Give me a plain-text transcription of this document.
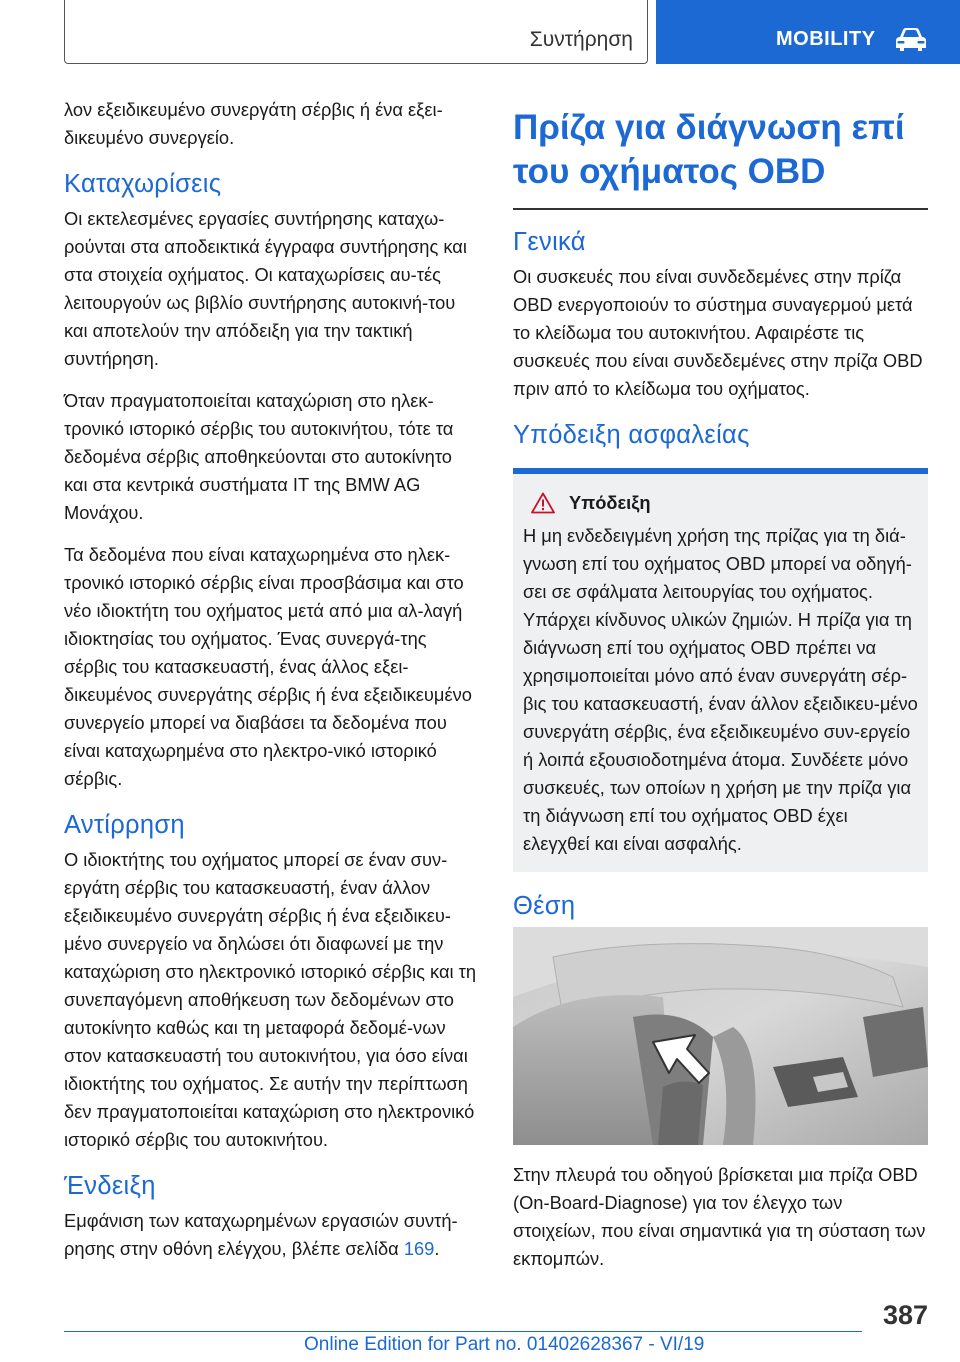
Συντήρηση	MOBILITY

λον εξειδικευμένο συνεργάτη σέρβις ή ένα εξει-δικευμένο συνεργείο.

Καταχωρίσεις

Οι εκτελεσμένες εργασίες συντήρησης καταχω-ρούνται στα αποδεικτικά έγγραφα συντήρησης και στα στοιχεία οχήματος. Οι καταχωρίσεις αυ-τές λειτουργούν ως βιβλίο συντήρησης αυτοκινή-του και αποτελούν την απόδειξη για την τακτική συντήρηση.

Όταν πραγματοποιείται καταχώριση στο ηλεκ-τρονικό ιστορικό σέρβις του αυτοκινήτου, τότε τα δεδομένα σέρβις αποθηκεύονται στο αυτοκίνητο και στα κεντρικά συστήματα IT της BMW AG Μονάχου.

Τα δεδομένα που είναι καταχωρημένα στο ηλεκ-τρονικό ιστορικό σέρβις είναι προσβάσιμα και στο νέο ιδιοκτήτη του οχήματος μετά από μια αλ-λαγή ιδιοκτησίας του οχήματος. Ένας συνεργά-της σέρβις του κατασκευαστή, ένας άλλος εξει-δικευμένος συνεργάτης σέρβις ή ένα εξειδικευμένο συνεργείο μπορεί να διαβάσει τα δεδομένα που είναι καταχωρημένα στο ηλεκτρο-νικό ιστορικό σέρβις.

Αντίρρηση

Ο ιδιοκτήτης του οχήματος μπορεί σε έναν συν-εργάτη σέρβις του κατασκευαστή, έναν άλλον εξειδικευμένο συνεργάτη σέρβις ή ένα εξειδικευ-μένο συνεργείο να δηλώσει ότι διαφωνεί με την καταχώριση στο ηλεκτρονικό ιστορικό σέρβις και τη συνεπαγόμενη αποθήκευση των δεδομένων στο αυτοκίνητο καθώς και τη μεταφορά δεδομέ-νων στον κατασκευαστή του αυτοκινήτου, για όσο είναι ιδιοκτήτης του οχήματος. Σε αυτήν την περίπτωση δεν πραγματοποιείται καταχώριση στο ηλεκτρονικό ιστορικό σέρβις του αυτοκινήτου.

Ένδειξη

Εμφάνιση των καταχωρημένων εργασιών συντή-ρησης στην οθόνη ελέγχου, βλέπε σελίδα 169.

Πρίζα για διάγνωση επί του οχήματος OBD
Γενικά

Οι συσκευές που είναι συνδεδεμένες στην πρίζα OBD ενεργοποιούν το σύστημα συναγερμού μετά το κλείδωμα του αυτοκινήτου. Αφαιρέστε τις συσκευές που είναι συνδεδεμένες στην πρίζα OBD πριν από το κλείδωμα του οχήματος.

Υπόδειξη ασφαλείας
Υπόδειξη

Η μη ενδεδειγμένη χρήση της πρίζας για τη διά-γνωση επί του οχήματος OBD μπορεί να οδηγή-σει σε σφάλματα λειτουργίας του οχήματος. Υπάρχει κίνδυνος υλικών ζημιών. Η πρίζα για τη διάγνωση επί του οχήματος OBD πρέπει να χρησιμοποιείται μόνο από έναν συνεργάτη σέρ-βις του κατασκευαστή, έναν άλλον εξειδικευ-μένο συνεργάτη σέρβις, ένα εξειδικευμένο συν-εργείο ή λοιπά εξουσιοδοτημένα άτομα. Συνδέετε μόνο συσκευές, των οποίων η χρήση με την πρίζα για τη διάγνωση επί του οχήματος OBD έχει ελεγχθεί και είναι ασφαλής.

Θέση

Στην πλευρά του οδηγού βρίσκεται μια πρίζα OBD (On-Board-Diagnose) για τον έλεγχο των στοιχείων, που είναι σημαντικά για τη σύσταση των εκπομπών.

387
Online Edition for Part no. 01402628367 - VI/19
